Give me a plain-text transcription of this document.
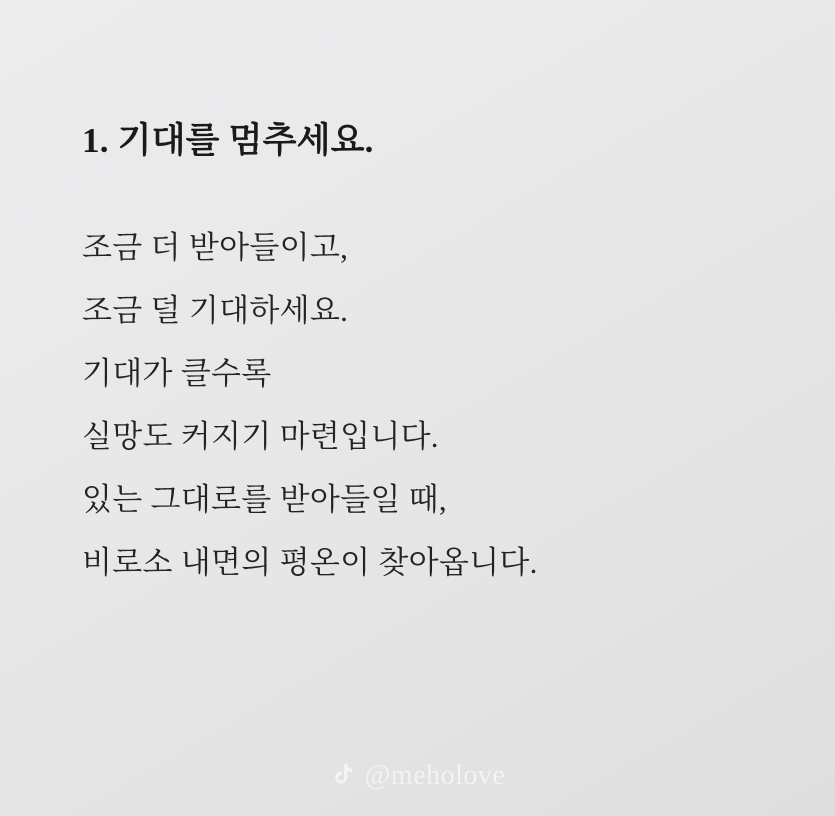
1. 기대를 멈추세요.

조금 더 받아들이고,

조금 덜 기대하세요.

기대가 클수록

실망도 커지기 마련입니다.

있는 그대로를 받아들일 때,

비로소 내면의 평온이 찾아옵니다.

@meholove
